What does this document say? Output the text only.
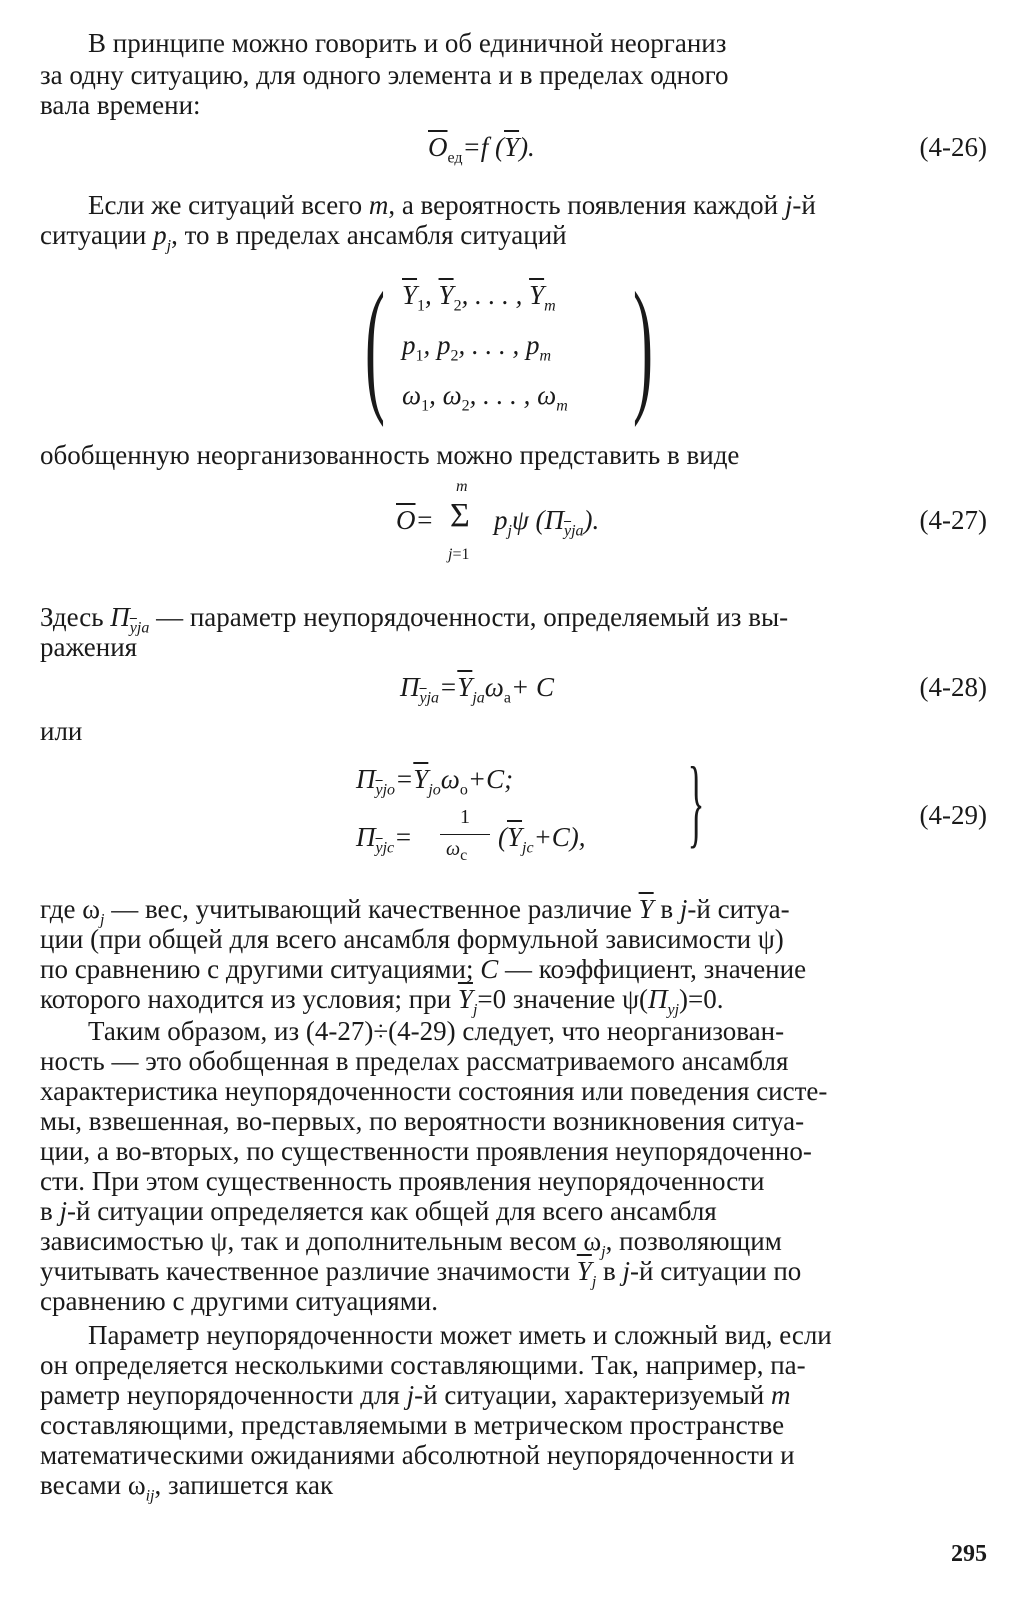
В принципе можно говорить и об единичной неорганиз
за одну ситуацию, для одного элемента и в пределах одного
вала времени:
$\overline{O}_{ед}=f$ $(\overline{Y})$.	(4-26)
Если же ситуаций всего m, а вероятность появления каждой j-й
ситуации $p_j$, то в пределах ансамбля ситуаций
( $\overline{Y}_1$, $\overline{Y}_2$, . . . , $\overline{Y}_m$
$p_1$, $p_2$, . . . , $p_m$
$\omega_1$, $\omega_2$, . . . , $\omega_m$ )
обобщенную неорганизованность можно представить в виде
$\overline{O}= \Sigma$
m
j=1
$p_j\psi$ $(П_{\overline{y}ja})$.	(4-27)
Здесь $П_{\overline{y}ja}$ — параметр неупорядоченности, определяемый из вы-
ражения
$П_{\overline{y}ja}=\overline{Y}_{ja}\omega_a+ C$	(4-28)
или
$П_{\overline{y}jo}=\overline{Y}_{jo}\omega_o+C$;
$П_{\overline{y}jc}=$
1
$\omega_c$
$(\overline{Y}_{jc}+C)$, }	(4-29)
где $\omega_j$ — вес, учитывающий качественное различие $\overline{Y}$ в j-й ситуа-
ции (при общей для всего ансамбля формульной зависимости ψ)
по сравнению с другими ситуациями; C — коэффициент, значение
которого находится из условия; при $\overline{Y}_j=0$ значение $\psi(П_{yj})=0$.
Таким образом, из (4-27)÷(4-29) следует, что неорганизован-
ность — это обобщенная в пределах рассматриваемого ансамбля
характеристика неупорядоченности состояния или поведения систе-
мы, взвешенная, во-первых, по вероятности возникновения ситуа-
ции, а во-вторых, по существенности проявления неупорядоченно-
сти. При этом существенность проявления неупорядоченности
в j-й ситуации определяется как общей для всего ансамбля
зависимостью ψ, так и дополнительным весом $\omega_j$, позволяющим
учитывать качественное различие значимости $\overline{Y}_j$ в j-й ситуации по
сравнению с другими ситуациями.
Параметр неупорядоченности может иметь и сложный вид, если
он определяется несколькими составляющими. Так, например, па-
раметр неупорядоченности для j-й ситуации, характеризуемый m
составляющими, представляемыми в метрическом пространстве
математическими ожиданиями абсолютной неупорядоченности и
весами $\omega_{ij}$, запишется как
295
